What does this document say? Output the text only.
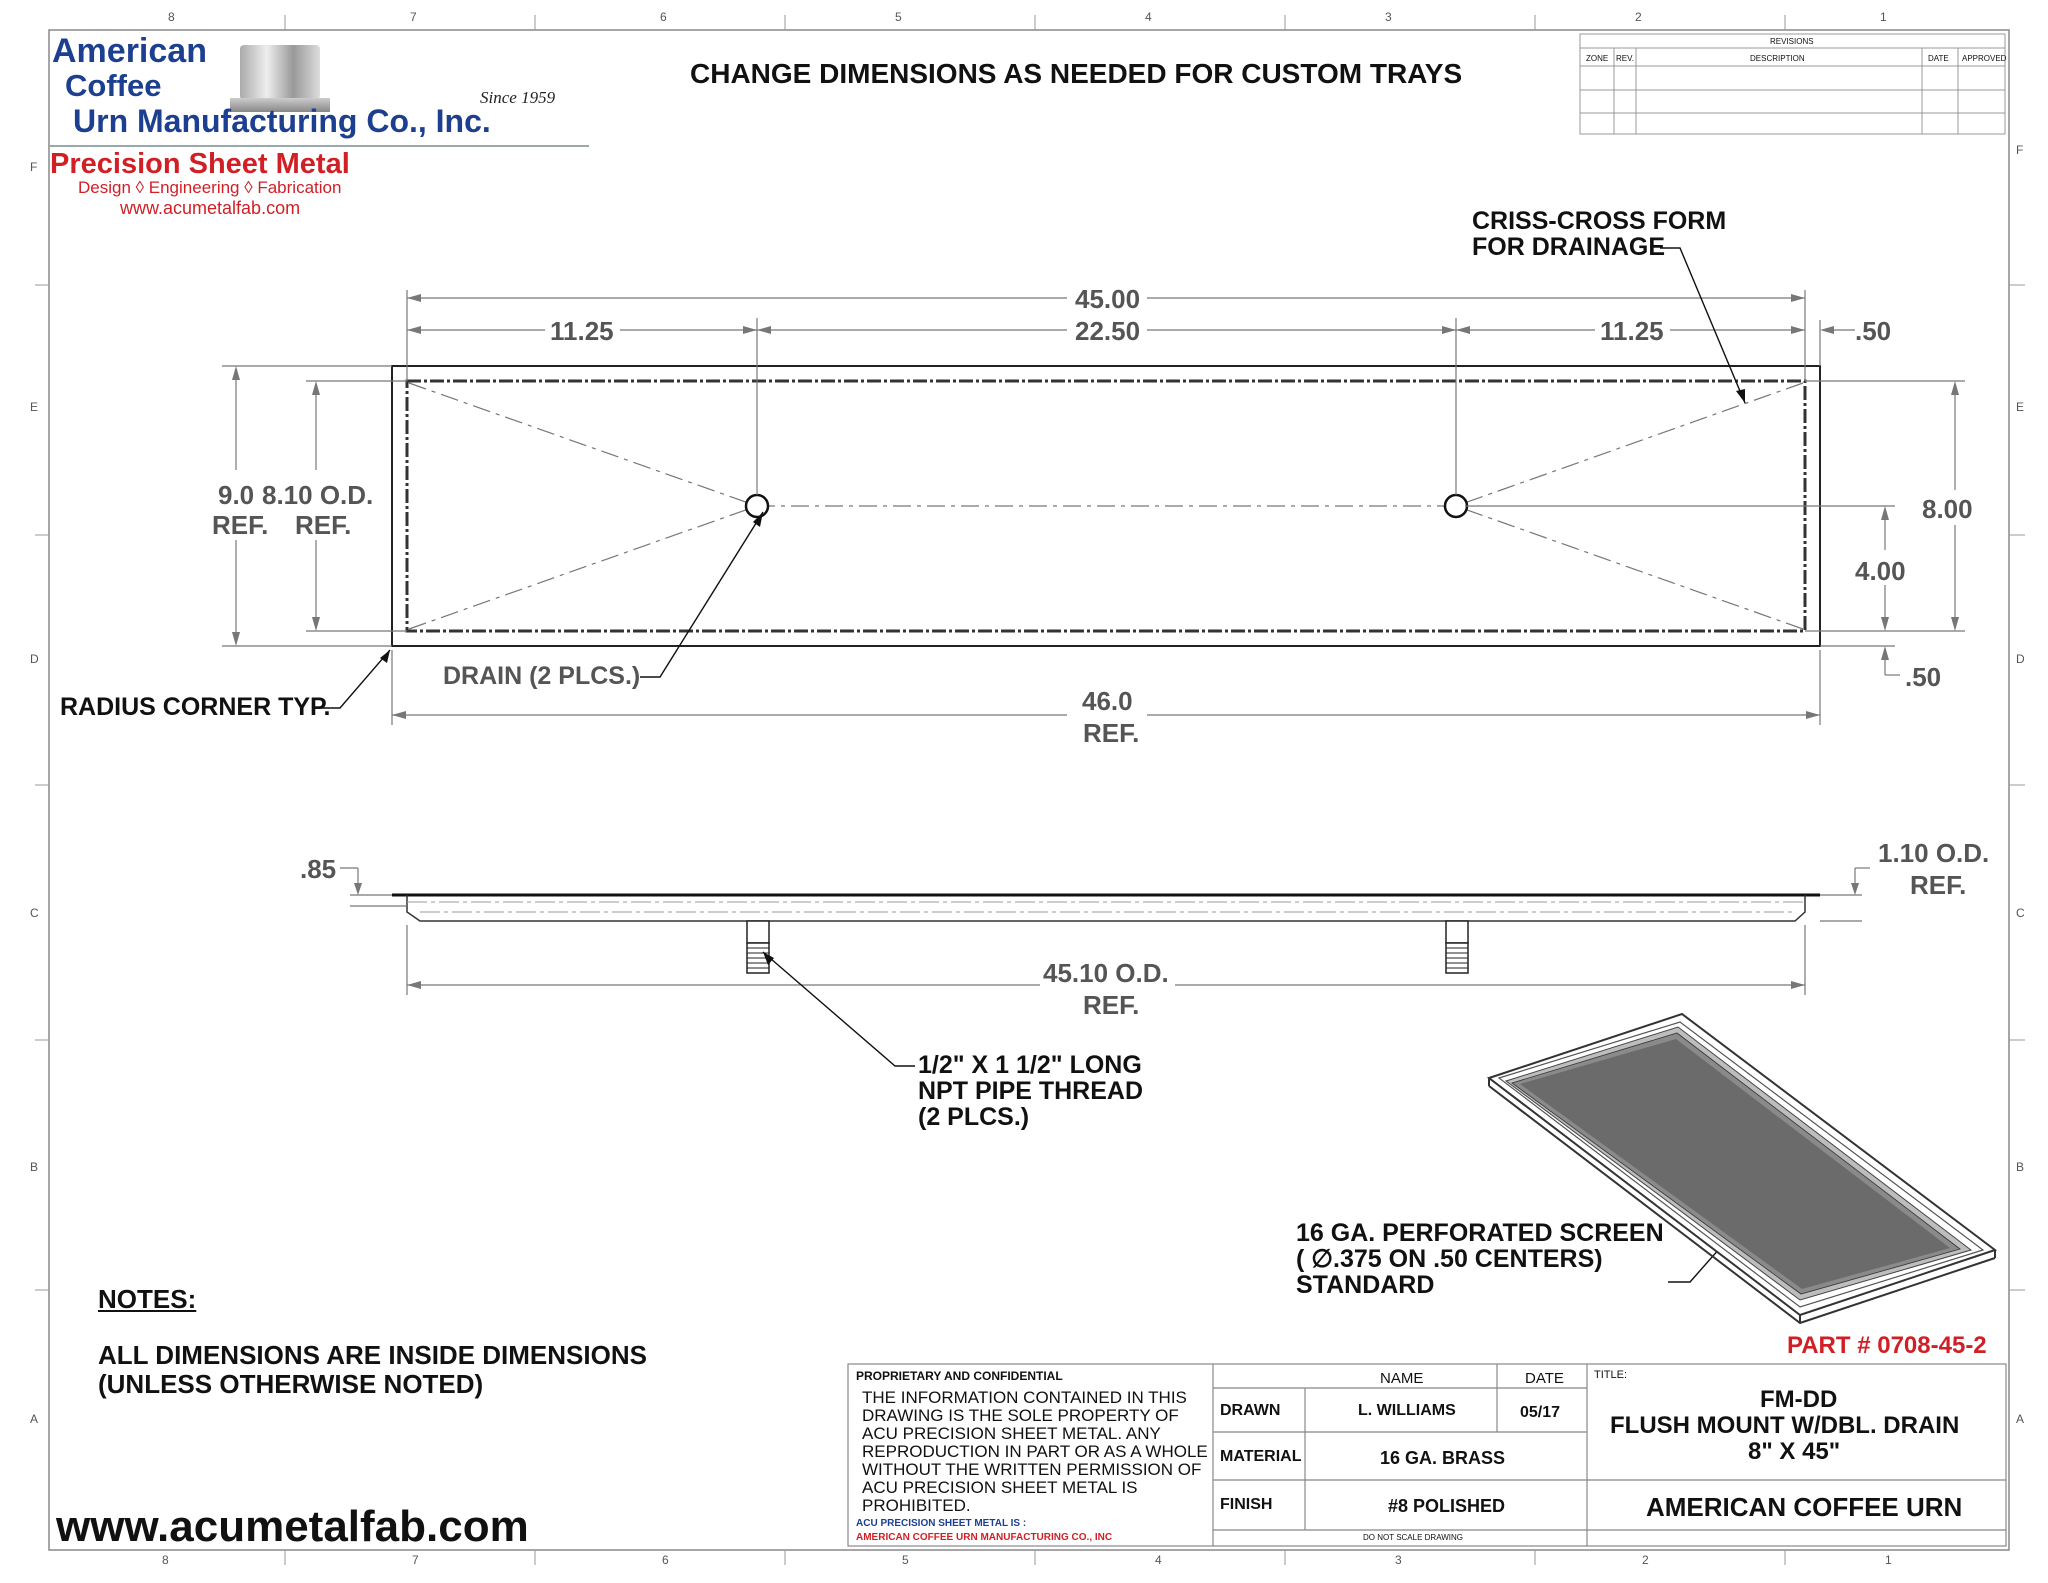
8	7	6	5	4	3	2	1
8	7	6	5	4	3	2	1
F
E
D
C
B
A
F
E
D
C
B
A
American
Coffee
Urn Manufacturing Co., Inc.
Since 1959
Precision Sheet Metal
Design ◊ Engineering ◊ Fabrication
www.acumetalfab.com
CHANGE DIMENSIONS AS NEEDED FOR CUSTOM TRAYS
REVISIONS
ZONE REV.	DESCRIPTION	DATE APPROVED
45.00
22.50
11.25	11.25	.50
9.0
REF.
8.10 O.D.
REF.
8.00
4.00
.50
46.0
REF.
.85
1.10 O.D.
REF.
45.10 O.D.
REF.
CRISS-CROSS FORM
FOR DRAINAGE
DRAIN (2 PLCS.)
RADIUS CORNER TYP.
1/2" X 1 1/2" LONG
NPT PIPE THREAD
(2 PLCS.)
16 GA. PERFORATED SCREEN
( ∅.375 ON .50 CENTERS)
STANDARD
NOTES:
ALL DIMENSIONS ARE INSIDE DIMENSIONS
(UNLESS OTHERWISE NOTED)
www.acumetalfab.com
PART # 0708-45-2
PROPRIETARY AND CONFIDENTIAL
THE INFORMATION CONTAINED IN THIS
DRAWING IS THE SOLE PROPERTY OF
ACU PRECISION SHEET METAL. ANY
REPRODUCTION IN PART OR AS A WHOLE
WITHOUT THE WRITTEN PERMISSION OF
ACU PRECISION SHEET METAL IS
PROHIBITED.
ACU PRECISION SHEET METAL IS :
AMERICAN COFFEE URN MANUFACTURING CO., INC
NAME	DATE
DRAWN	L. WILLIAMS	05/17
MATERIAL	16 GA. BRASS
FINISH	#8 POLISHED
DO NOT SCALE DRAWING
TITLE:
FM-DD
FLUSH MOUNT W/DBL. DRAIN
8" X 45"
AMERICAN COFFEE URN
